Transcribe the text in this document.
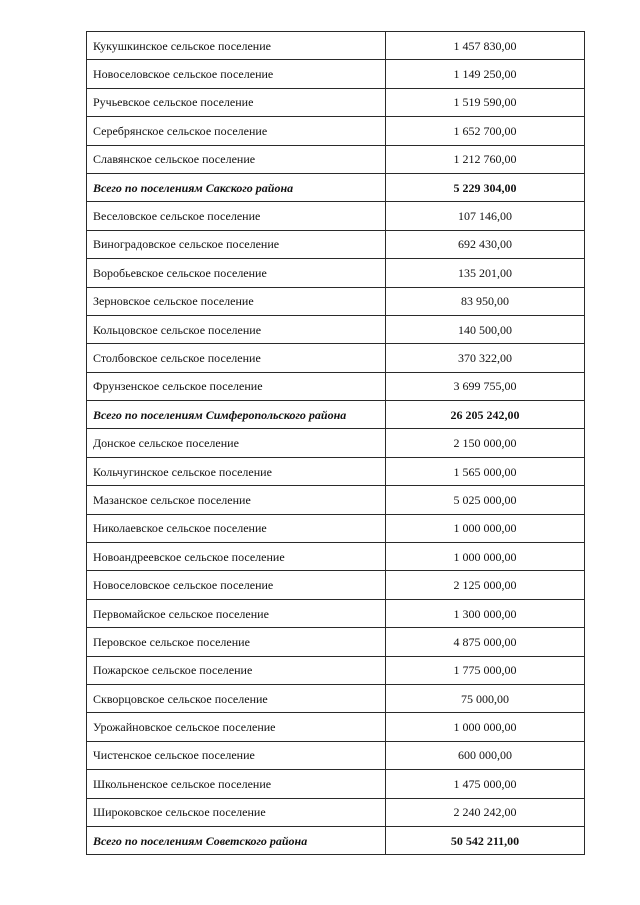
Кукушкинское сельское поселение	1 457 830,00
Новоселовское сельское поселение	1 149 250,00
Ручьевское сельское поселение	1 519 590,00
Серебрянское сельское поселение	1 652 700,00
Славянское сельское поселение	1 212 760,00
Всего по поселениям Сакского района	5 229 304,00
Веселовское сельское поселение	107 146,00
Виноградовское сельское поселение	692 430,00
Воробьевское сельское поселение	135 201,00
Зерновское сельское поселение	83 950,00
Кольцовское сельское поселение	140 500,00
Столбовское сельское поселение	370 322,00
Фрунзенское сельское поселение	3 699 755,00
Всего по поселениям Симферопольского района	26 205 242,00
Донское сельское поселение	2 150 000,00
Кольчугинское сельское поселение	1 565 000,00
Мазанское сельское поселение	5 025 000,00
Николаевское сельское поселение	1 000 000,00
Новоандреевское сельское поселение	1 000 000,00
Новоселовское сельское поселение	2 125 000,00
Первомайское сельское поселение	1 300 000,00
Перовское сельское поселение	4 875 000,00
Пожарское сельское поселение	1 775 000,00
Скворцовское сельское поселение	75 000,00
Урожайновское сельское поселение	1 000 000,00
Чистенское сельское поселение	600 000,00
Школьненское сельское поселение	1 475 000,00
Широковское сельское поселение	2 240 242,00
Всего по поселениям Советского района	50 542 211,00
